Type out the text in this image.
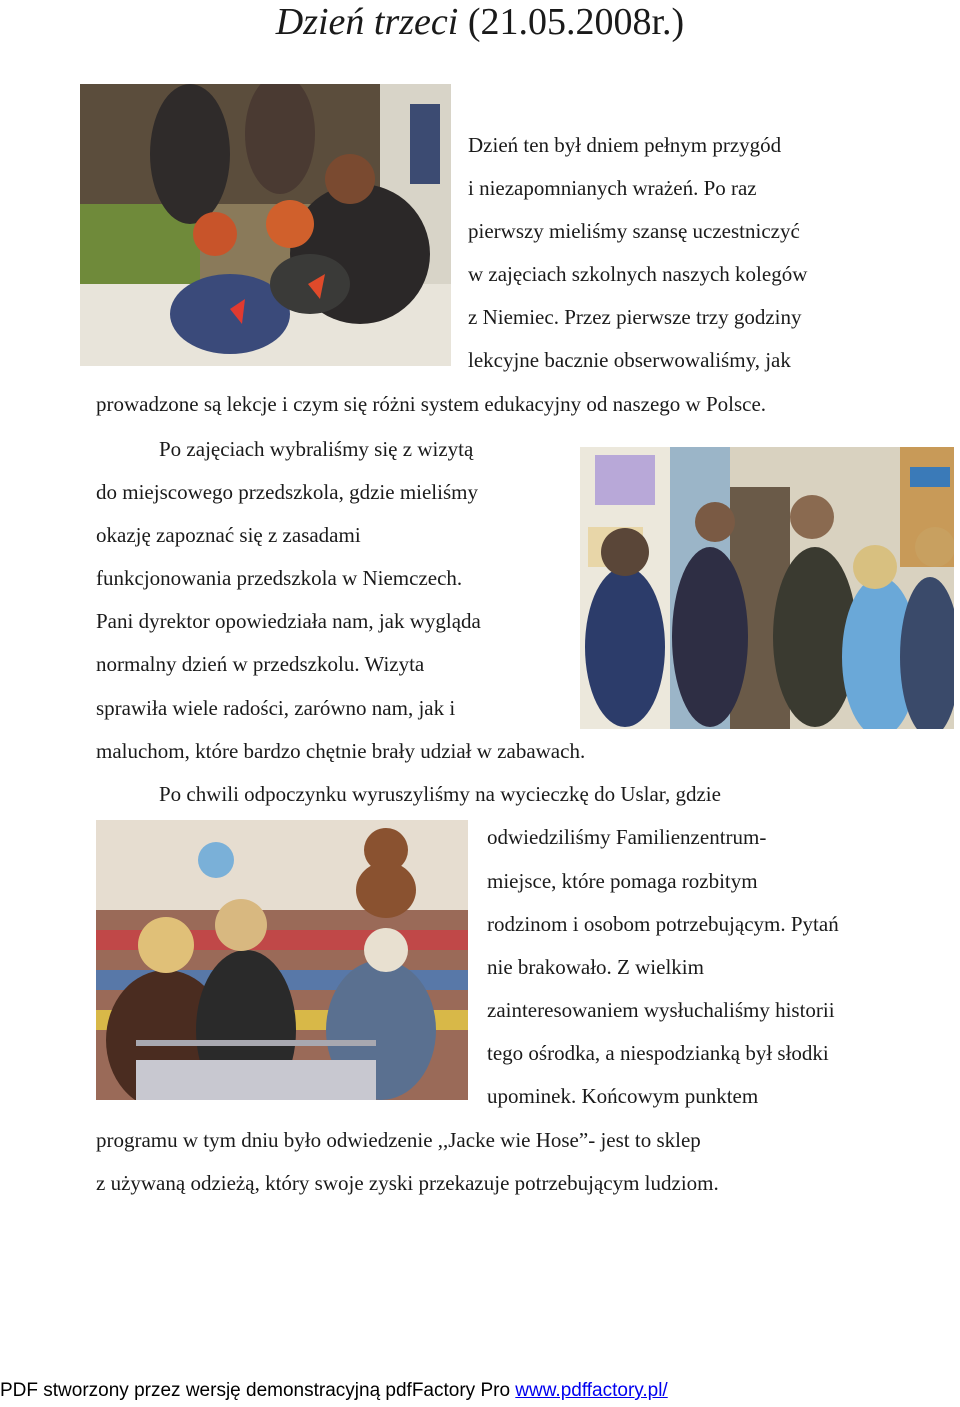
Dzień trzeci (21.05.2008r.)
Dzień ten był dniem pełnym przygód
i niezapomnianych wrażeń. Po raz
pierwszy mieliśmy szansę uczestniczyć
w zajęciach szkolnych naszych kolegów
z Niemiec. Przez pierwsze trzy godziny
lekcyjne bacznie obserwowaliśmy, jak
prowadzone są lekcje i czym się różni system edukacyjny od naszego w Polsce.
Po zajęciach wybraliśmy się z wizytą
do miejscowego przedszkola, gdzie mieliśmy
okazję zapoznać się z zasadami
funkcjonowania przedszkola w Niemczech.
Pani dyrektor opowiedziała nam, jak wygląda
normalny dzień w przedszkolu. Wizyta
sprawiła wiele radości, zarówno nam, jak i
maluchom, które bardzo chętnie brały udział w zabawach.
Po chwili odpoczynku wyruszyliśmy na wycieczkę do Uslar, gdzie
odwiedziliśmy Familienzentrum-
miejsce, które pomaga rozbitym
rodzinom i osobom potrzebującym. Pytań
nie brakowało. Z wielkim
zainteresowaniem wysłuchaliśmy historii
tego ośrodka, a niespodzianką był słodki
upominek. Końcowym punktem
programu w tym dniu było odwiedzenie ,,Jacke wie Hose”- jest to sklep
z używaną odzieżą, który swoje zyski przekazuje potrzebującym ludziom.
PDF stworzony przez wersję demonstracyjną pdfFactory Pro www.pdffactory.pl/
